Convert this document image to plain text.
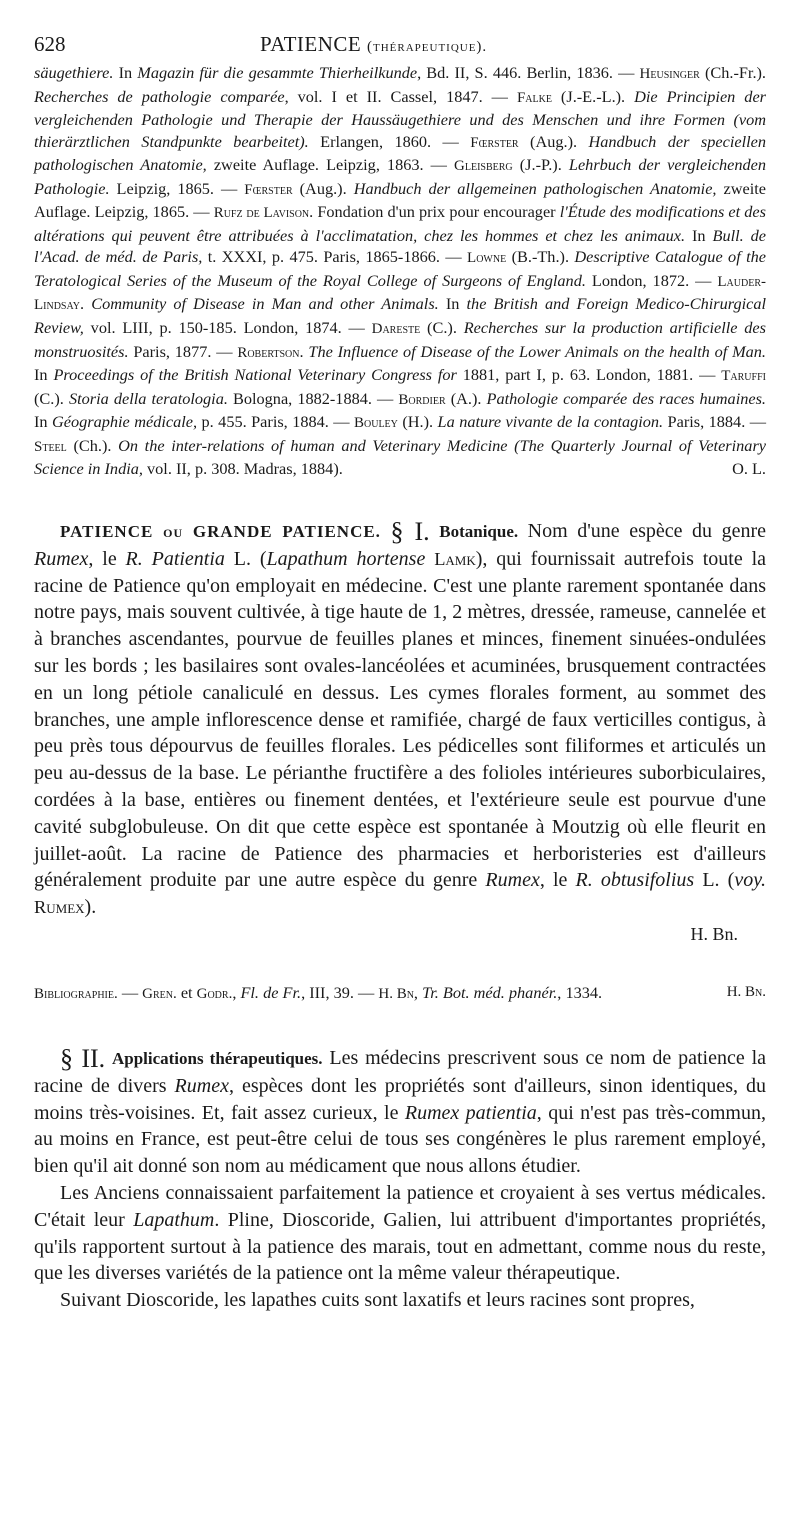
628	PATIENCE (thérapeutique).
säugethiere. In Magazin für die gesammte Thierheilkunde, Bd. II, S. 446. Berlin, 1836. — Heusinger (Ch.-Fr.). Recherches de pathologie comparée, vol. I et II. Cassel, 1847. — Falke (J.-E.-L.). Die Principien der vergleichenden Pathologie und Therapie der Haussäugethiere und des Menschen und ihre Formen (vom thierärztlichen Standpunkte bearbeitet). Erlangen, 1860. — Fœrster (Aug.). Handbuch der speciellen pathologischen Anatomie, zweite Auflage. Leipzig, 1863. — Gleisberg (J.-P.). Lehrbuch der vergleichenden Pathologie. Leipzig, 1865. — Fœrster (Aug.). Handbuch der allgemeinen pathologischen Anatomie, zweite Auflage. Leipzig, 1865. — Rufz de Lavison. Fondation d'un prix pour encourager l'Étude des modifications et des altérations qui peuvent être attribuées à l'acclimatation, chez les hommes et chez les animaux. In Bull. de l'Acad. de méd. de Paris, t. XXXI, p. 475. Paris, 1865-1866. — Lowne (B.-Th.). Descriptive Catalogue of the Teratological Series of the Museum of the Royal College of Surgeons of England. London, 1872. — Lauder-Lindsay. Community of Disease in Man and other Animals. In the British and Foreign Medico-Chirurgical Review, vol. LIII, p. 150-185. London, 1874. — Dareste (C.). Recherches sur la production artificielle des monstruosités. Paris, 1877. — Robertson. The Influence of Disease of the Lower Animals on the health of Man. In Proceedings of the British National Veterinary Congress for 1881, part I, p. 63. London, 1881. — Taruffi (C.). Storia della teratologia. Bologna, 1882-1884. — Bordier (A.). Pathologie comparée des races humaines. In Géographie médicale, p. 455. Paris, 1884. — Bouley (H.). La nature vivante de la contagion. Paris, 1884. — Steel (Ch.). On the inter-relations of human and Veterinary Medicine (The Quarterly Journal of Veterinary Science in India, vol. II, p. 308. Madras, 1884).	O. L.

PATIENCE ou GRANDE PATIENCE. § I. Botanique. Nom d'une espèce du genre Rumex, le R. Patientia L. (Lapathum hortense Lamk), qui fournissait autrefois toute la racine de Patience qu'on employait en médecine. C'est une plante rarement spontanée dans notre pays, mais souvent cultivée, à tige haute de 1, 2 mètres, dressée, rameuse, cannelée et à branches ascendantes, pourvue de feuilles planes et minces, finement sinuées-ondulées sur les bords ; les basilaires sont ovales-lancéolées et acuminées, brusquement contractées en un long pétiole canaliculé en dessus. Les cymes florales forment, au sommet des branches, une ample inflorescence dense et ramifiée, chargé de faux verticilles contigus, à peu près tous dépourvus de feuilles florales. Les pédicelles sont filiformes et articulés un peu au-dessus de la base. Le périanthe fructifère a des folioles intérieures suborbiculaires, cordées à la base, entières ou finement dentées, et l'extérieure seule est pourvue d'une cavité subglobuleuse. On dit que cette espèce est spontanée à Moutzig où elle fleurit en juillet-août. La racine de Patience des pharmacies et herboristeries est d'ailleurs généralement produite par une autre espèce du genre Rumex, le R. obtusifolius L. (voy. Rumex).

H. Bn.

Bibliographie. — Gren. et Godr., Fl. de Fr., III, 39. — H. Bn, Tr. Bot. méd. phanér., 1334.	H. Bn.

§ II. Applications thérapeutiques. Les médecins prescrivent sous ce nom de patience la racine de divers Rumex, espèces dont les propriétés sont d'ailleurs, sinon identiques, du moins très-voisines. Et, fait assez curieux, le Rumex patientia, qui n'est pas très-commun, au moins en France, est peut-être celui de tous ses congénères le plus rarement employé, bien qu'il ait donné son nom au médicament que nous allons étudier.

Les Anciens connaissaient parfaitement la patience et croyaient à ses vertus médicales. C'était leur Lapathum. Pline, Dioscoride, Galien, lui attribuent d'importantes propriétés, qu'ils rapportent surtout à la patience des marais, tout en admettant, comme nous du reste, que les diverses variétés de la patience ont la même valeur thérapeutique.

Suivant Dioscoride, les lapathes cuits sont laxatifs et leurs racines sont propres,
